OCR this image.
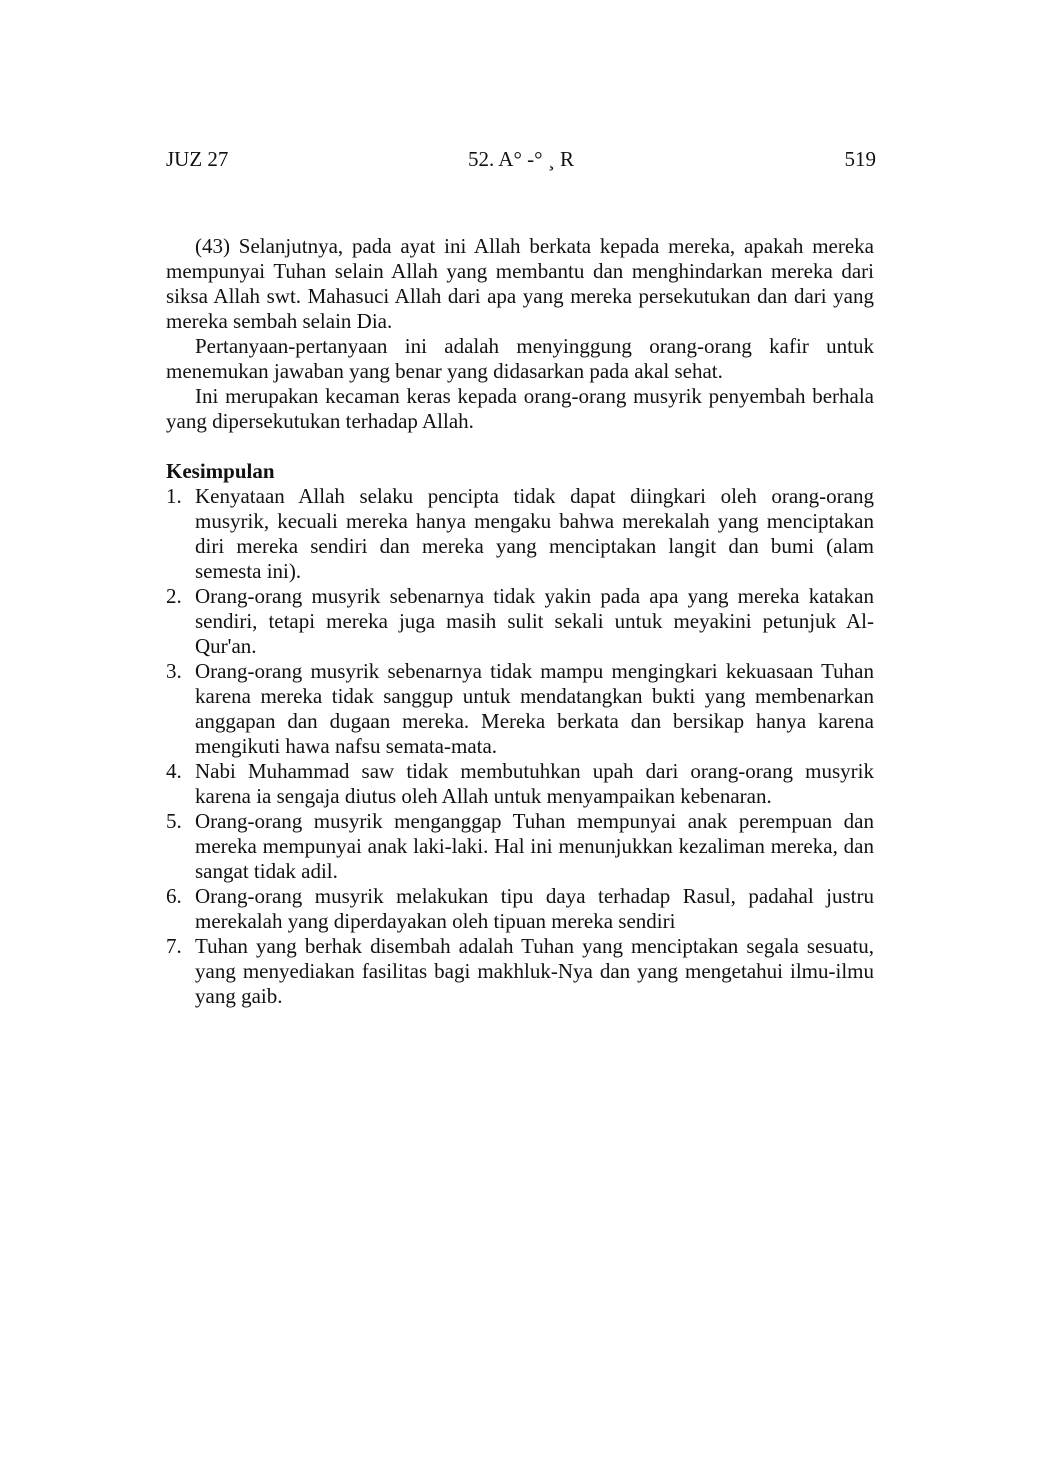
JUZ 27	52. A° -° ¸ R	519

(43) Selanjutnya, pada ayat ini Allah berkata kepada mereka, apakah mereka mempunyai Tuhan selain Allah yang membantu dan menghindarkan mereka dari siksa Allah swt. Mahasuci Allah dari apa yang mereka persekutukan dan dari yang mereka sembah selain Dia.

Pertanyaan-pertanyaan ini adalah menyinggung orang-orang kafir untuk menemukan jawaban yang benar yang didasarkan pada akal sehat.

Ini merupakan kecaman keras kepada orang-orang musyrik penyembah berhala yang dipersekutukan terhadap Allah.

Kesimpulan
1. Kenyataan Allah selaku pencipta tidak dapat diingkari oleh orang-orang musyrik, kecuali mereka hanya mengaku bahwa merekalah yang menciptakan diri mereka sendiri dan mereka yang menciptakan langit dan bumi (alam semesta ini).
2. Orang-orang musyrik sebenarnya tidak yakin pada apa yang mereka katakan sendiri, tetapi mereka juga masih sulit sekali untuk meyakini petunjuk Al-Qur'an.
3. Orang-orang musyrik sebenarnya tidak mampu mengingkari kekuasaan Tuhan karena mereka tidak sanggup untuk mendatangkan bukti yang membenarkan anggapan dan dugaan mereka. Mereka berkata dan bersikap hanya karena mengikuti hawa nafsu semata-mata.
4. Nabi Muhammad saw tidak membutuhkan upah dari orang-orang musyrik karena ia sengaja diutus oleh Allah untuk menyampaikan kebenaran.
5. Orang-orang musyrik menganggap Tuhan mempunyai anak perempuan dan mereka mempunyai anak laki-laki. Hal ini menunjukkan kezaliman mereka, dan sangat tidak adil.
6. Orang-orang musyrik melakukan tipu daya terhadap Rasul, padahal justru merekalah yang diperdayakan oleh tipuan mereka sendiri
7. Tuhan yang berhak disembah adalah Tuhan yang menciptakan segala sesuatu, yang menyediakan fasilitas bagi makhluk-Nya dan yang mengetahui ilmu-ilmu yang gaib.
